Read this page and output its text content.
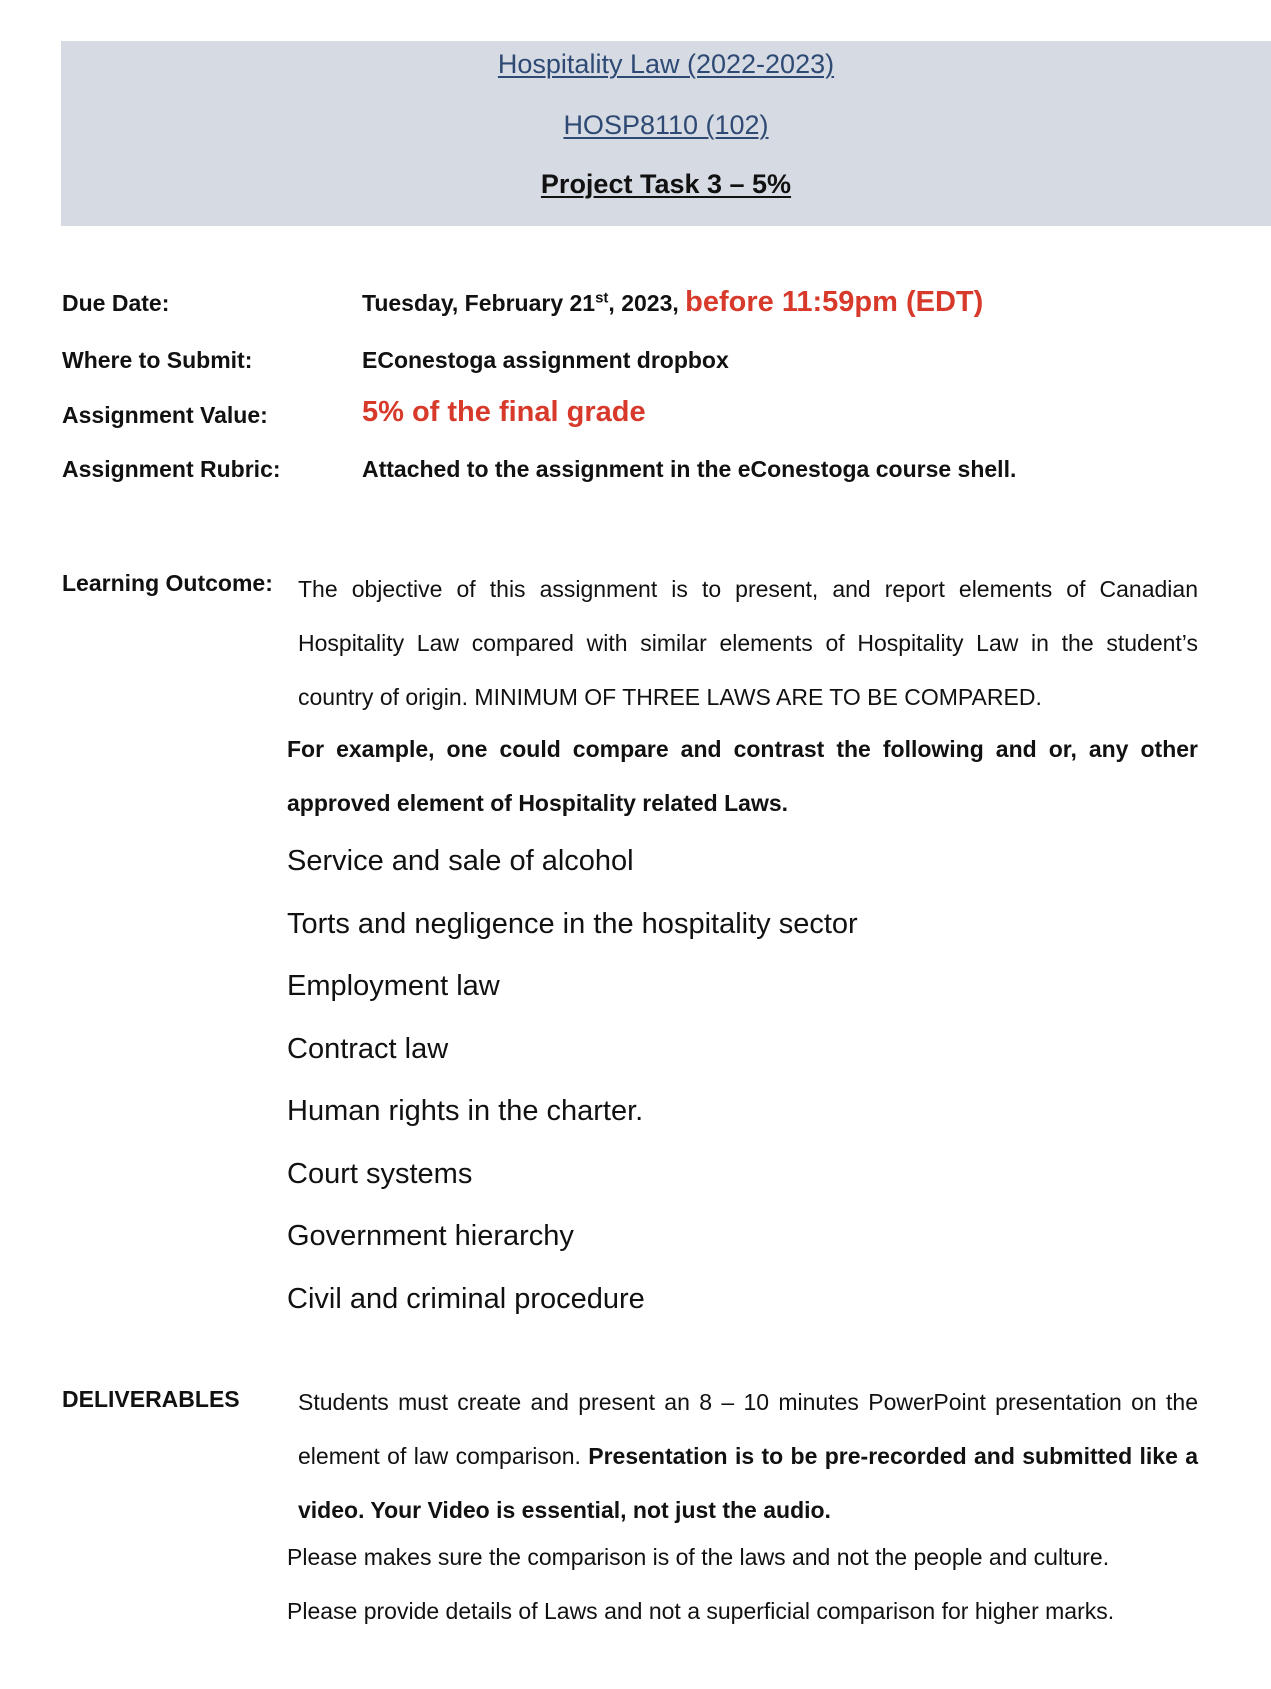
Hospitality Law (2022-2023)
HOSP8110 (102)
Project Task 3 – 5%
Due Date:	Tuesday, February 21st, 2023, before 11:59pm (EDT)
Where to Submit:	EConestoga assignment dropbox
Assignment Value:	5% of the final grade
Assignment Rubric:	Attached to the assignment in the eConestoga course shell.
Learning Outcome: The objective of this assignment is to present, and report elements of Canadian Hospitality Law compared with similar elements of Hospitality Law in the student’s country of origin. MINIMUM OF THREE LAWS ARE TO BE COMPARED.
For example, one could compare and contrast the following and or, any other approved element of Hospitality related Laws.
Service and sale of alcohol
Torts and negligence in the hospitality sector
Employment law
Contract law
Human rights in the charter.
Court systems
Government hierarchy
Civil and criminal procedure
DELIVERABLES	Students must create and present an 8 – 10 minutes PowerPoint presentation on the element of law comparison. Presentation is to be pre-recorded and submitted like a video. Your Video is essential, not just the audio.
Please makes sure the comparison is of the laws and not the people and culture.
Please provide details of Laws and not a superficial comparison for higher marks.
